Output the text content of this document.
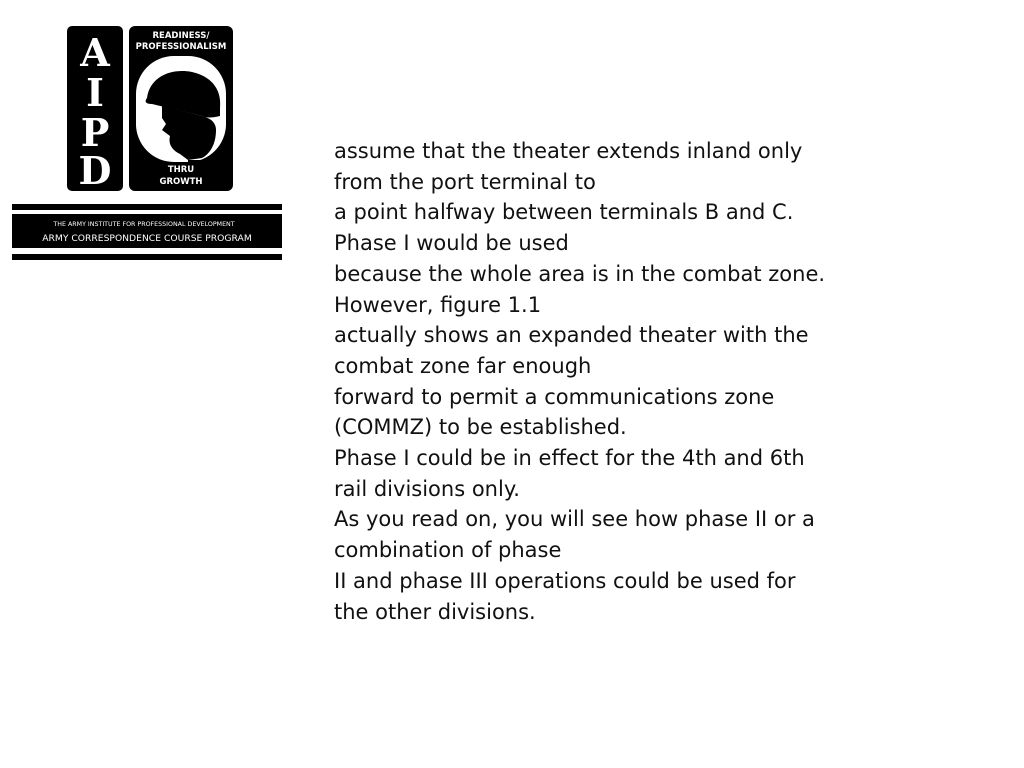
A
I
P
D
READINESS/
PROFESSIONALISM
THRU
GROWTH
THE ARMY INSTITUTE FOR PROFESSIONAL DEVELOPMENT
ARMY CORRESPONDENCE COURSE PROGRAM
assume that the theater extends inland only
from the port terminal to
a point halfway between terminals B and C.
Phase I would be used
because the whole area is in the combat zone.
However, figure 1.1
actually shows an expanded theater with the
combat zone far enough
forward to permit a communications zone
(COMMZ) to be established.
Phase I could be in effect for the 4th and 6th
rail divisions only.
As you read on, you will see how phase II or a
combination of phase
II and phase III operations could be used for
the other divisions.
